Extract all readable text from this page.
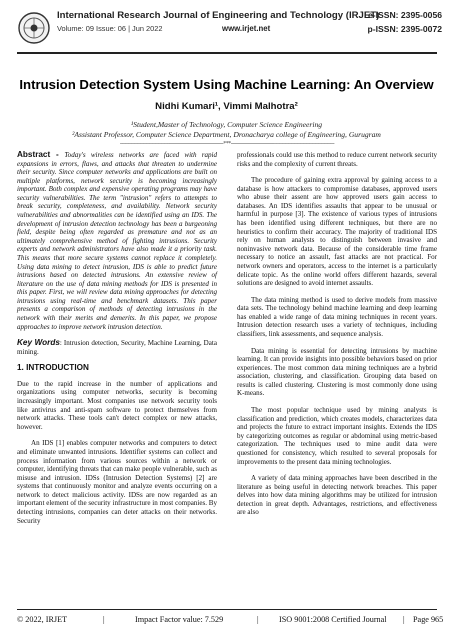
International Research Journal of Engineering and Technology (IRJET)
e-ISSN: 2395-0056
Volume: 09 Issue: 06 | Jun 2022	www.irjet.net	p-ISSN: 2395-0072
Intrusion Detection System Using Machine Learning: An Overview
Nidhi Kumari¹, Vimmi Malhotra²
¹Student,Master of Technology, Computer Science Engineering
²Assistant Professor, Computer Science Department, Dronacharya college of Engineering, Gurugram
---------------------------------------------------------------------***---------------------------------------------------------------------

Abstract - Today's wireless networks are faced with rapid expansions in errors, flaws, and attacks that threaten to undermine their security. Since computer networks and applications are built on multiple platforms, network security is becoming increasingly important. Both complex and expensive operating programs may have security vulnerabilities. The term "intrusion" refers to attempts to break security, completeness, and availability. Network security vulnerabilities and abnormalities can be identified using an IDS. The development of intrusion detection technology has been a burgeoning field, despite being often regarded as premature and not as an ultimately comprehensive method of fighting intrusions. Security experts and network administrators have also made it a priority task. This means that more secure systems cannot replace it completely. Using data mining to detect intrusion, IDS is able to predict future intrusions based on detected intrusions. An extensive review of literature on the use of data mining methods for IDS is presented in this paper. First, we will review data mining approaches for detecting intrusions using real-time and benchmark datasets. This paper presents a comparison of methods of detecting intrusions in the network with their merits and demerits. In this paper, we propose approaches to improve network intrusion detection.

Key Words: Intrusion detection, Security, Machine Learning, Data mining.

1. INTRODUCTION

Due to the rapid increase in the number of applications and organizations using computer networks, security is becoming increasingly important. Most companies use network security tools like antivirus and anti-spam software to protect themselves from network attacks. These tools can't detect complex or new attacks, however.

An IDS [1] enables computer networks and computers to detect and eliminate unwanted intrusions. Identifier systems can collect and process information from various sources within a network or computer, identifying threats that can make people vulnerable, such as misuse and intrusion. IDSs (Intrusion Detection Systems) [2] are systems that continuously monitor and analyze events occurring on a network to detect malicious activity. IDSs are now regarded as an important element of the security infrastructure in most companies. By detecting intrusions, companies can deter attacks on their networks. Security

professionals could use this method to reduce current network security risks and the complexity of current threats.

The procedure of gaining extra approval by gaining access to a database is how attackers to compromise databases, approved users who abuse their assent are how approved users gain access to databases. An IDS identifies assaults that appear to be unusual or harmful in purpose [3]. The existence of various types of intrusions has been identified using different techniques, but there are no heuristics to confirm their accuracy. The majority of traditional IDS rely on human analysts to distinguish between invasive and noninvasive network data. Because of the considerable time frame necessary to notice an assault, fast attacks are not practical. For network owners and operators, access to the internet is a particularly delicate topic. As the online world offers different hazards, several solutions are designed to avoid internet assaults.

The data mining method is used to derive models from massive data sets. The technology behind machine learning and deep learning has enabled a wide range of data mining techniques in recent years. Intrusion detection research uses a variety of techniques, including classifiers, link assessments, and sequence analysis.

Data mining is essential for detecting intrusions by machine learning. It can provide insights into possible behaviors based on prior experiences. The most common data mining techniques are a hybrid association, clustering, and classification. Grouping data based on results is called clustering. Clustering is most commonly done using K-means.

The most popular technique used by mining analysts is classification and prediction, which creates models, characterizes data and projects the future to extract important insights. Extends the IDS by categorizing outcomes as regular or abdominal using metric-based categorization. The techniques used to mine audit data were questioned for consistency, which resulted to several proposals for improvements to the present data mining technologies.

A variety of data mining approaches have been described in the literature as being useful in detecting network breaches. This paper delves into how data mining algorithms may be utilized for intrusion detection in great depth. Advantages, restrictions, and effectiveness are also

© 2022, IRJET	|	Impact Factor value: 7.529	| ISO 9001:2008 Certified Journal | Page 965
